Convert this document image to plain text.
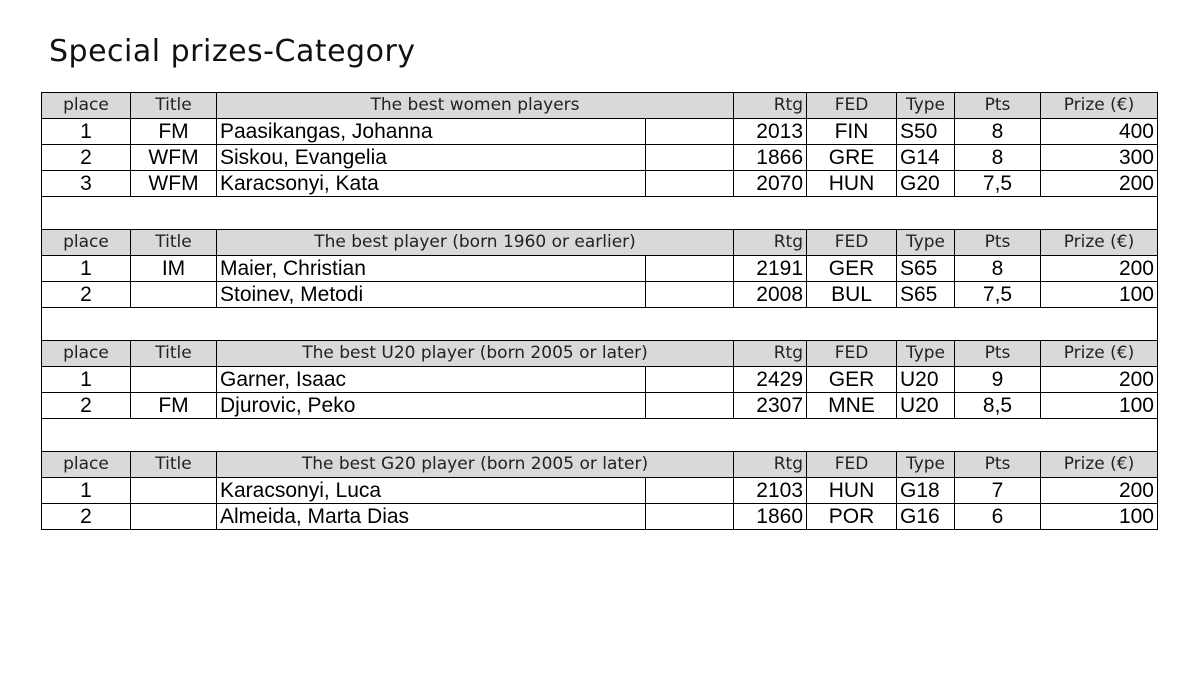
Special prizes-Category
place	Title	The best women players		Rtg	FED	Type	Pts	Prize (€)
1	FM	Paasikangas, Johanna		2013	FIN	S50	8	400
2	WFM	Siskou, Evangelia		1866	GRE	G14	8	300
3	WFM	Karacsonyi, Kata		2070	HUN	G20	7,5	200

place	Title	The best player (born 1960 or earlier)		Rtg	FED	Type	Pts	Prize (€)
1	IM	Maier, Christian		2191	GER	S65	8	200
2		Stoinev, Metodi		2008	BUL	S65	7,5	100

place	Title	The best U20 player (born 2005 or later)		Rtg	FED	Type	Pts	Prize (€)
1		Garner, Isaac		2429	GER	U20	9	200
2	FM	Djurovic, Peko		2307	MNE	U20	8,5	100

place	Title	The best G20 player (born 2005 or later)		Rtg	FED	Type	Pts	Prize (€)
1		Karacsonyi, Luca		2103	HUN	G18	7	200
2		Almeida, Marta Dias		1860	POR	G16	6	100
